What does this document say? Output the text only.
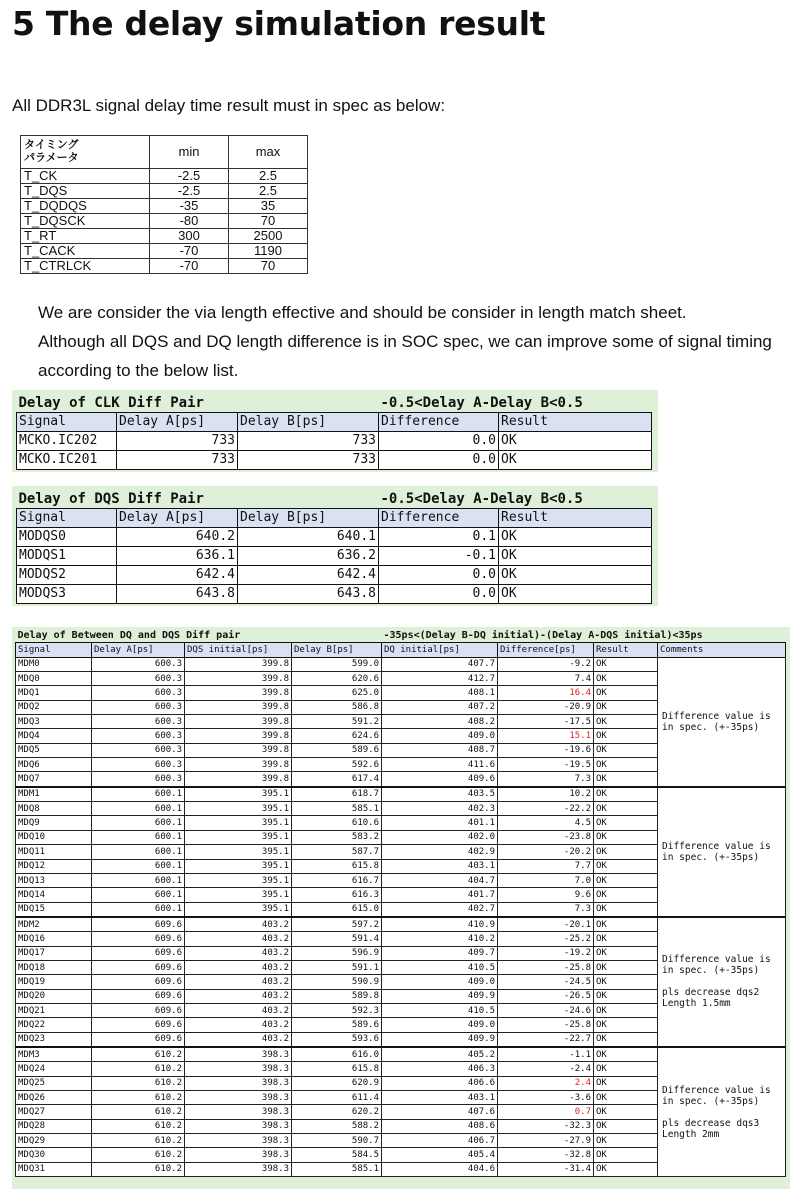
5 The delay simulation result
All DDR3L signal delay time result must in spec as below:
タイミング
パラメータ	min	max
T_CK	-2.5	2.5
T_DQS	-2.5	2.5
T_DQDQS	-35	35
T_DQSCK	-80	70
T_RT	300	2500
T_CACK	-70	1190
T_CTRLCK	-70	70
We are consider the via length effective and should be consider in length match sheet.
Although all DQS and DQ length difference is in SOC spec, we can improve some of signal timing
according to the below list.
Delay of CLK Diff Pair			-0.5<Delay A-Delay B<0.5	
Signal	Delay A[ps]	Delay B[ps]	Difference	Result
MCKO.IC202	733	733	0.0	OK
MCKO.IC201	733	733	0.0	OK
Delay of DQS Diff Pair			-0.5<Delay A-Delay B<0.5	
Signal	Delay A[ps]	Delay B[ps]	Difference	Result
MODQS0	640.2	640.1	0.1	OK
MODQS1	636.1	636.2	-0.1	OK
MODQS2	642.4	642.4	0.0	OK
MODQS3	643.8	643.8	0.0	OK
Delay of Between DQ and DQS Diff pair				-35ps<(Delay B-DQ initial)-(Delay A-DQS initial)<35ps			
Signal	Delay A[ps]	DQS initial[ps]	Delay B[ps]	DQ initial[ps]	Difference[ps]	Result	Comments
MDM0	600.3	399.8	599.0	407.7	-9.2	OK	Difference value is
in spec. (+-35ps)

MDQ0	600.3	399.8	620.6	412.7	7.4	OK	
MDQ1	600.3	399.8	625.0	408.1	16.4	OK	
MDQ2	600.3	399.8	586.8	407.2	-20.9	OK	
MDQ3	600.3	399.8	591.2	408.2	-17.5	OK	
MDQ4	600.3	399.8	624.6	409.0	15.1	OK	
MDQ5	600.3	399.8	589.6	408.7	-19.6	OK	
MDQ6	600.3	399.8	592.6	411.6	-19.5	OK	
MDQ7	600.3	399.8	617.4	409.6	7.3	OK	
MDM1	600.1	395.1	618.7	403.5	10.2	OK	Difference value is
in spec. (+-35ps)

MDQ8	600.1	395.1	585.1	402.3	-22.2	OK	
MDQ9	600.1	395.1	610.6	401.1	4.5	OK	
MDQ10	600.1	395.1	583.2	402.0	-23.8	OK	
MDQ11	600.1	395.1	587.7	402.9	-20.2	OK	
MDQ12	600.1	395.1	615.8	403.1	7.7	OK	
MDQ13	600.1	395.1	616.7	404.7	7.0	OK	
MDQ14	600.1	395.1	616.3	401.7	9.6	OK	
MDQ15	600.1	395.1	615.0	402.7	7.3	OK	
MDM2	609.6	403.2	597.2	410.9	-20.1	OK	Difference value is
in spec. (+-35ps)

pls decrease dqs2
Length 1.5mm

MDQ16	609.6	403.2	591.4	410.2	-25.2	OK	
MDQ17	609.6	403.2	596.9	409.7	-19.2	OK	
MDQ18	609.6	403.2	591.1	410.5	-25.8	OK	
MDQ19	609.6	403.2	590.9	409.0	-24.5	OK	
MDQ20	609.6	403.2	589.8	409.9	-26.5	OK	
MDQ21	609.6	403.2	592.3	410.5	-24.6	OK	
MDQ22	609.6	403.2	589.6	409.0	-25.8	OK	
MDQ23	609.6	403.2	593.6	409.9	-22.7	OK	
MDM3	610.2	398.3	616.0	405.2	-1.1	OK	Difference value is
in spec. (+-35ps)

pls decrease dqs3
Length 2mm

MDQ24	610.2	398.3	615.8	406.3	-2.4	OK	
MDQ25	610.2	398.3	620.9	406.6	2.4	OK	
MDQ26	610.2	398.3	611.4	403.1	-3.6	OK	
MDQ27	610.2	398.3	620.2	407.6	0.7	OK	
MDQ28	610.2	398.3	588.2	408.6	-32.3	OK	
MDQ29	610.2	398.3	590.7	406.7	-27.9	OK	
MDQ30	610.2	398.3	584.5	405.4	-32.8	OK	
MDQ31	610.2	398.3	585.1	404.6	-31.4	OK	
